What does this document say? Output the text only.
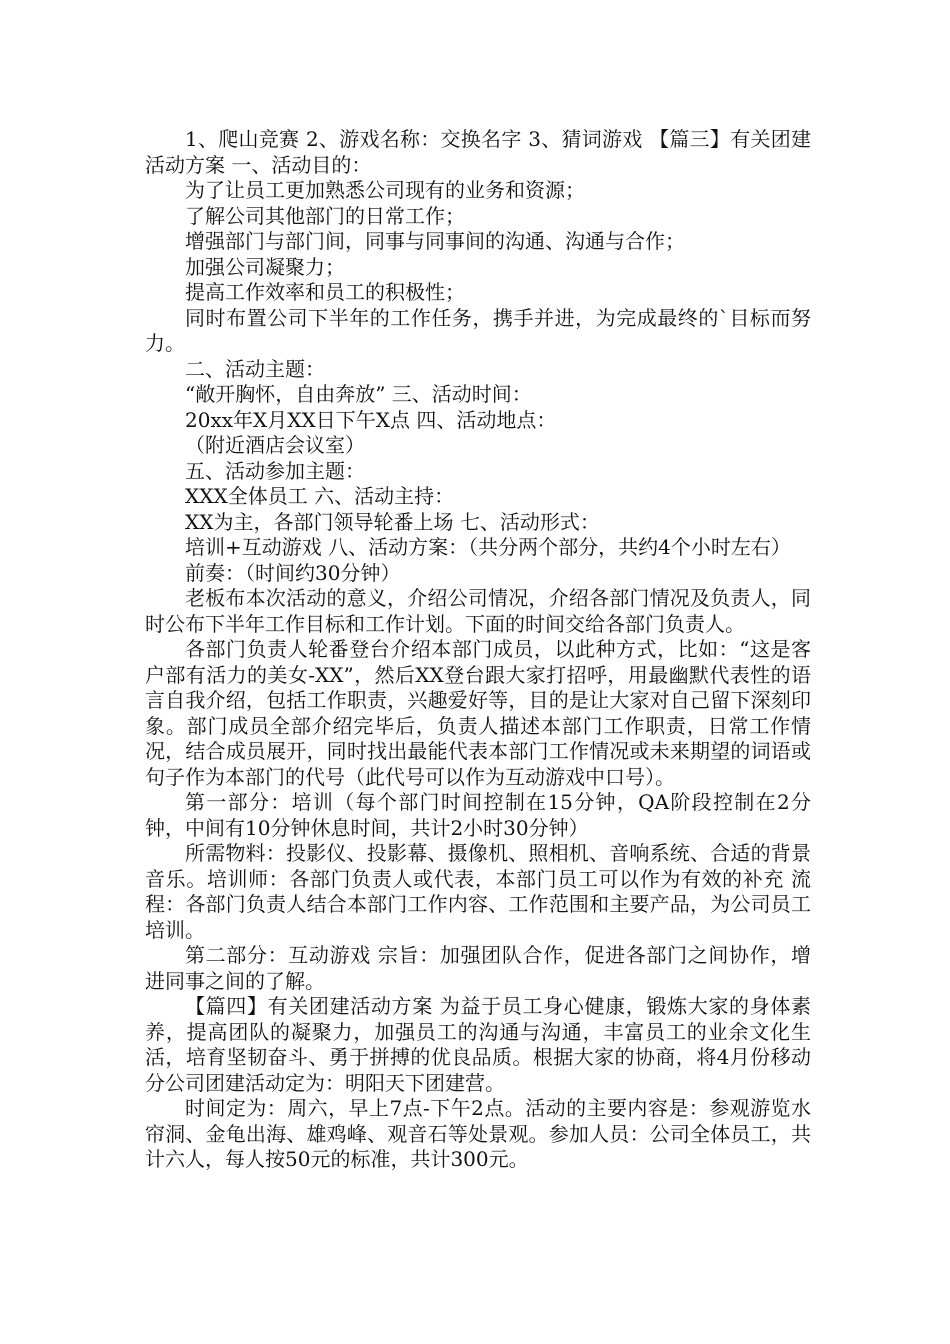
1、爬山竞赛 2、游戏名称：交换名字 3、猜词游戏 【篇三】有关团建活动方案 一、活动目的：

为了让员工更加熟悉公司现有的业务和资源；

了解公司其他部门的日常工作；

增强部门与部门间，同事与同事间的沟通、沟通与合作；

加强公司凝聚力；

提高工作效率和员工的积极性；

同时布置公司下半年的工作任务，携手并进，为完成最终的`目标而努力。

二、活动主题：

“敞开胸怀，自由奔放” 三、活动时间：

20xx年X月XX日下午X点 四、活动地点：

（附近酒店会议室）

五、活动参加主题：

XXX全体员工 六、活动主持：

XX为主，各部门领导轮番上场 七、活动形式：

培训+互动游戏 八、活动方案：（共分两个部分，共约4个小时左右）

前奏：（时间约30分钟）

老板布本次活动的意义，介绍公司情况，介绍各部门情况及负责人，同时公布下半年工作目标和工作计划。下面的时间交给各部门负责人。

各部门负责人轮番登台介绍本部门成员，以此种方式，比如：“这是客户部有活力的美女-XX”，然后XX登台跟大家打招呼，用最幽默代表性的语言自我介绍，包括工作职责，兴趣爱好等，目的是让大家对自己留下深刻印象。部门成员全部介绍完毕后，负责人描述本部门工作职责，日常工作情况，结合成员展开，同时找出最能代表本部门工作情况或未来期望的词语或句子作为本部门的代号（此代号可以作为互动游戏中口号）。

第一部分：培训（每个部门时间控制在15分钟，QA阶段控制在2分钟，中间有10分钟休息时间，共计2小时30分钟）

所需物料：投影仪、投影幕、摄像机、照相机、音响系统、合适的背景音乐。培训师：各部门负责人或代表，本部门员工可以作为有效的补充 流程：各部门负责人结合本部门工作内容、工作范围和主要产品，为公司员工培训。

第二部分：互动游戏 宗旨：加强团队合作，促进各部门之间协作，增进同事之间的了解。

【篇四】有关团建活动方案 为益于员工身心健康，锻炼大家的身体素养，提高团队的凝聚力，加强员工的沟通与沟通，丰富员工的业余文化生活，培育坚韧奋斗、勇于拼搏的优良品质。根据大家的协商，将4月份移动分公司团建活动定为：明阳天下团建营。

时间定为：周六，早上7点-下午2点。活动的主要内容是：参观游览水帘洞、金龟出海、雄鸡峰、观音石等处景观。参加人员：公司全体员工，共计六人，每人按50元的标准，共计300元。
